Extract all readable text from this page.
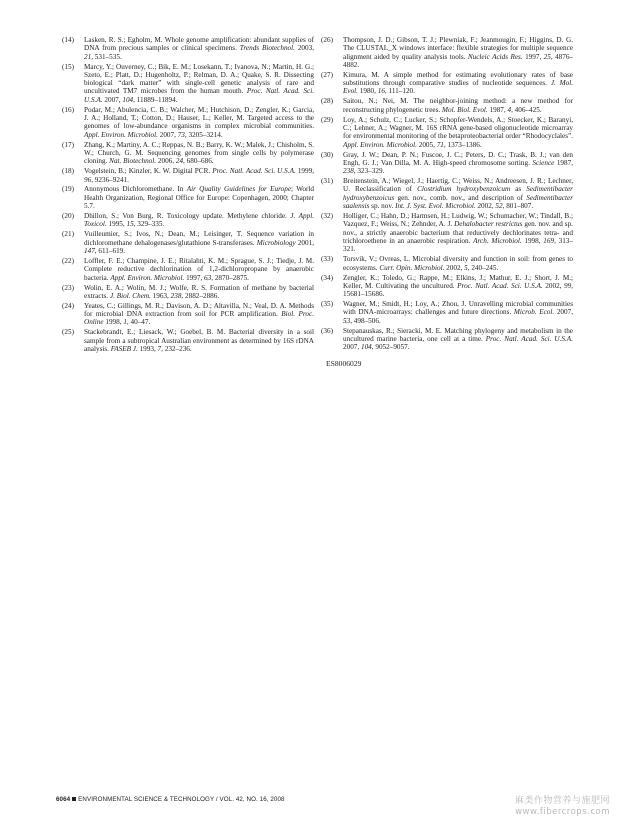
(14)	Lasken, R. S.; Egholm, M. Whole genome amplification: abundant supplies of DNA from precious samples or clinical specimens. Trends Biotechnol. 2003, 21, 531–535.
(15)	Marcy, Y.; Ouverney, C.; Bik, E. M.; Losekann, T.; Ivanova, N.; Martin, H. G.; Szeto, E.; Platt, D.; Hugenholtz, P.; Relman, D. A.; Quake, S. R. Dissecting biological “dark matter” with single-cell genetic analysis of rare and uncultivated TM7 microbes from the human mouth. Proc. Natl. Acad. Sci. U.S.A. 2007, 104, 11889–11894.
(16)	Podar, M.; Abulencia, C. B.; Walcher, M.; Hutchison, D.; Zengler, K.; Garcia, J. A.; Holland, T.; Cotton, D.; Hauser, L.; Keller, M. Targeted access to the genomes of low-abundance organisms in complex microbial communities. Appl. Environ. Microbiol. 2007, 73, 3205–3214.
(17)	Zhang, K.; Martiny, A. C.; Reppas, N. B.; Barry, K. W.; Malek, J.; Chisholm, S. W.; Church, G. M. Sequencing genomes from single cells by polymerase cloning. Nat. Biotechnol. 2006, 24, 680–686.
(18)	Vogelstein, B.; Kinzler, K. W. Digital PCR. Proc. Natl. Acad. Sci. U.S.A. 1999, 96, 9236–9241.
(19)	Anonymous Dichloromethane. In Air Quality Guidelines for Europe; World Health Organization, Regional Office for Europe: Copenhagen, 2000; Chapter 5.7.
(20)	Dhillon, S.; Von Burg, R. Toxicology update. Methylene chloride. J. Appl. Toxicol. 1995, 15, 329–335.
(21)	Vuilleumier, S.; Ivos, N.; Dean, M.; Leisinger, T. Sequence variation in dichloromethane dehalogenases/glutathione S-transferases. Microbiology 2001, 147, 611–619.
(22)	Loffler, F. E.; Champine, J. E.; Ritalahti, K. M.; Sprague, S. J.; Tiedje, J. M. Complete reductive dechlorination of 1,2-dichloropropane by anaerobic bacteria. Appl. Environ. Microbiol. 1997, 63, 2870–2875.
(23)	Wolin, E. A.; Wolin, M. J.; Wolfe, R. S. Formation of methane by bacterial extracts. J. Biol. Chem. 1963, 238, 2882–2886.
(24)	Yeates, C.; Gillings, M. R.; Davison, A. D.; Altavilla, N.; Veal, D. A. Methods for microbial DNA extraction from soil for PCR amplification. Biol. Proc. Online 1998, 1, 40–47.
(25)	Stackebrandt, E.; Liesack, W.; Goebel, B. M. Bacterial diversity in a soil sample from a subtropical Australian environment as determined by 16S rDNA analysis. FASEB J. 1993, 7, 232–236.
(26)	Thompson, J. D.; Gibson, T. J.; Plewniak, F.; Jeanmougin, F.; Higgins, D. G. The CLUSTAL_X windows interface: flexible strategies for multiple sequence alignment aided by quality analysis tools. Nucleic Acids Res. 1997, 25, 4876–4882.
(27)	Kimura, M. A simple method for estimating evolutionary rates of base substitutions through comparative studies of nucleotide sequences. J. Mol. Evol. 1980, 16, 111–120.
(28)	Saitou, N.; Nei, M. The neighbor-joining method: a new method for reconstructing phylogenetic trees. Mol. Biol. Evol. 1987, 4, 406–425.
(29)	Loy, A.; Schulz, C.; Lucker, S.; Schopfer-Wendels, A.; Stoecker, K.; Baranyi, C.; Lehner, A.; Wagner, M. 16S rRNA gene-based oligonucleotide microarray for environmental monitoring of the betaproteobacterial order “Rhodocyclales”. Appl. Environ. Microbiol. 2005, 71, 1373–1386.
(30)	Gray, J. W.; Dean, P. N.; Fuscoe, J. C.; Peters, D. C.; Trask, B. J.; van den Engh, G. J.; Van Dilla, M. A. High-speed chromosome sorting. Science 1987, 238, 323–329.
(31)	Breitenstein, A.; Wiegel, J.; Haertig, C.; Weiss, N.; Andreesen, J. R.; Lechner, U. Reclassification of Clostridium hydroxybenzoicum as Sedimentibacter hydroxybenzoicus gen. nov., comb. nov., and description of Sedimentibacter saalensis sp. nov. Int. J. Syst. Evol. Microbiol. 2002, 52, 801–807.
(32)	Holliger, C.; Hahn, D.; Harmsen, H.; Ludwig, W.; Schumacher, W.; Tindall, B.; Vazquez, F.; Weiss, N.; Zehnder, A. J. Dehalobacter restrictus gen. nov. and sp. nov., a strictly anaerobic bacterium that reductively dechlorinates tetra- and trichloroethene in an anaerobic respiration. Arch. Microbiol. 1998, 169, 313–321.
(33)	Torsvik, V.; Ovreas, L. Microbial diversity and function in soil: from genes to ecosystems. Curr. Opin. Microbiol. 2002, 5, 240–245.
(34)	Zengler, K.; Toledo, G.; Rappe, M.; Elkins, J.; Mathur, E. J.; Short, J. M.; Keller, M. Cultivating the uncultured. Proc. Natl. Acad. Sci. U.S.A. 2002, 99, 15681–15686.
(35)	Wagner, M.; Smidt, H.; Loy, A.; Zhou, J. Unravelling microbial communities with DNA-microarrays: challenges and future directions. Microb. Ecol. 2007, 53, 498–506.
(36)	Stepanauskas, R.; Sieracki, M. E. Matching phylogeny and metabolism in the uncultured marine bacteria, one cell at a time. Proc. Natl. Acad. Sci. U.S.A. 2007, 104, 9052–9057.
ES8006029
6064 ENVIRONMENTAL SCIENCE & TECHNOLOGY / VOL. 42, NO. 16, 2008	麻类作物营养与施肥网
www.fibercrops.com
